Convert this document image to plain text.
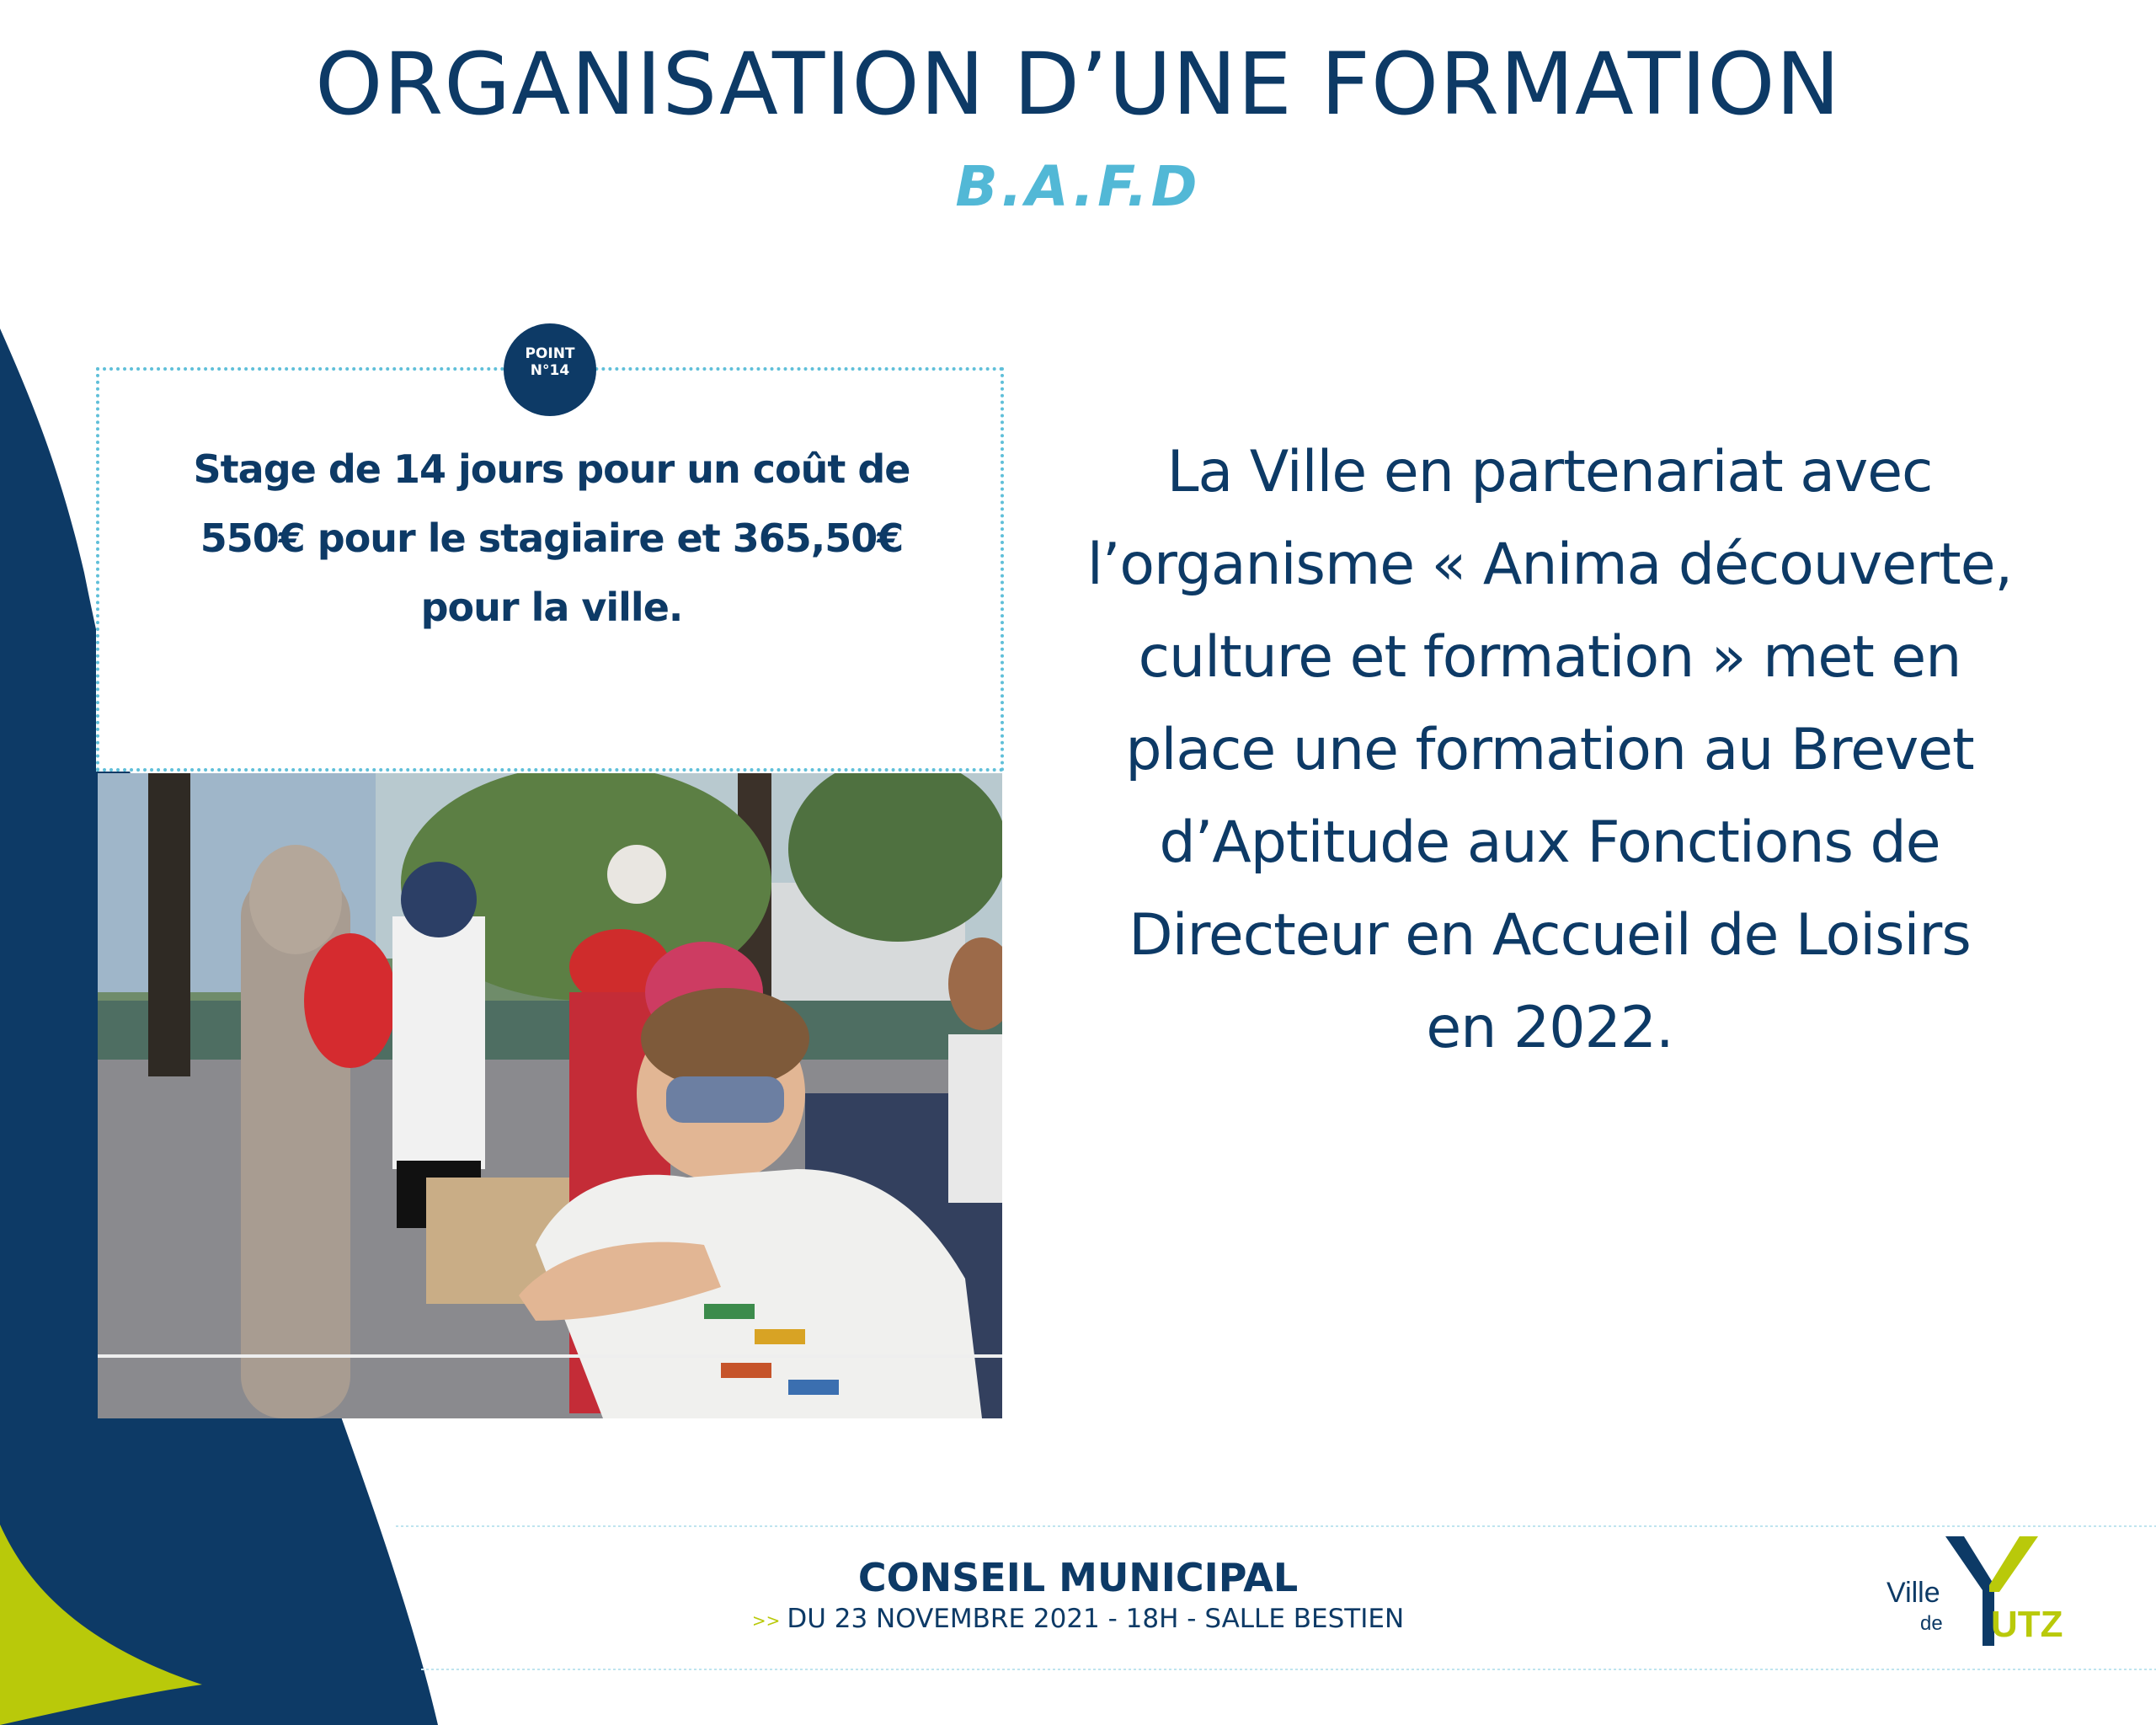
ORGANISATION D’UNE FORMATION
B.A.F.D
POINT
N°14
Stage de 14 jours pour un coût de
550€ pour le stagiaire et 365,50€
pour la ville.
La Ville en partenariat avec
l’organisme « Anima découverte,
culture et formation » met en
place une formation au Brevet
d’Aptitude aux Fonctions de
Directeur en Accueil de Loisirs
en 2022.
CONSEIL MUNICIPAL
>> DU 23 NOVEMBRE 2021 - 18H - SALLE BESTIEN
Ville
de UTZ
